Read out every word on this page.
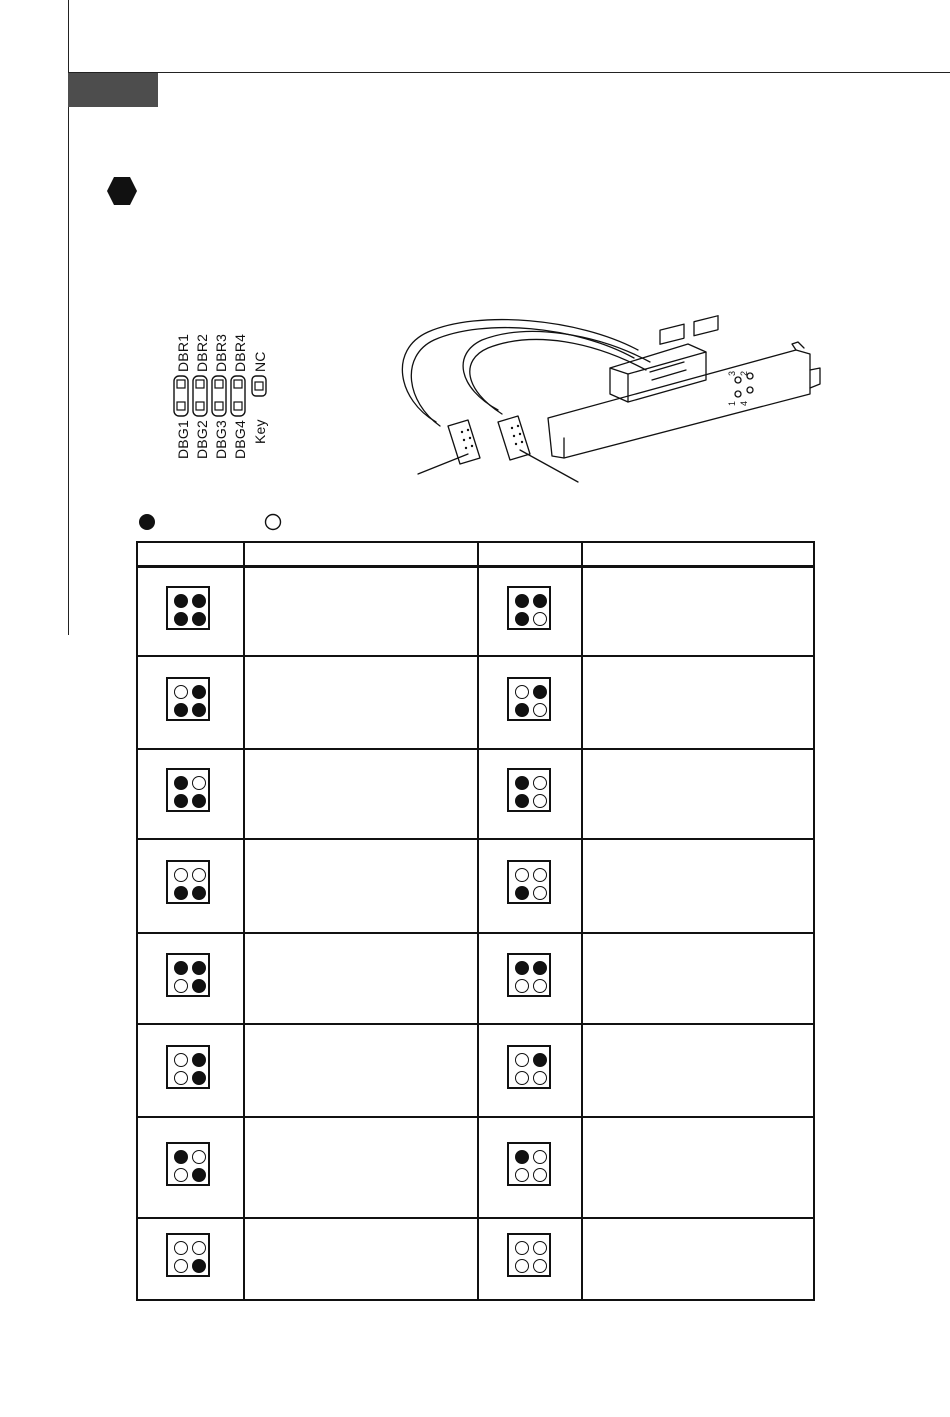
DBR1 DBR2 DBR3 DBR4 NC
DBG1 DBG2 DBG3 DBG4 Key
1
2
3
4
